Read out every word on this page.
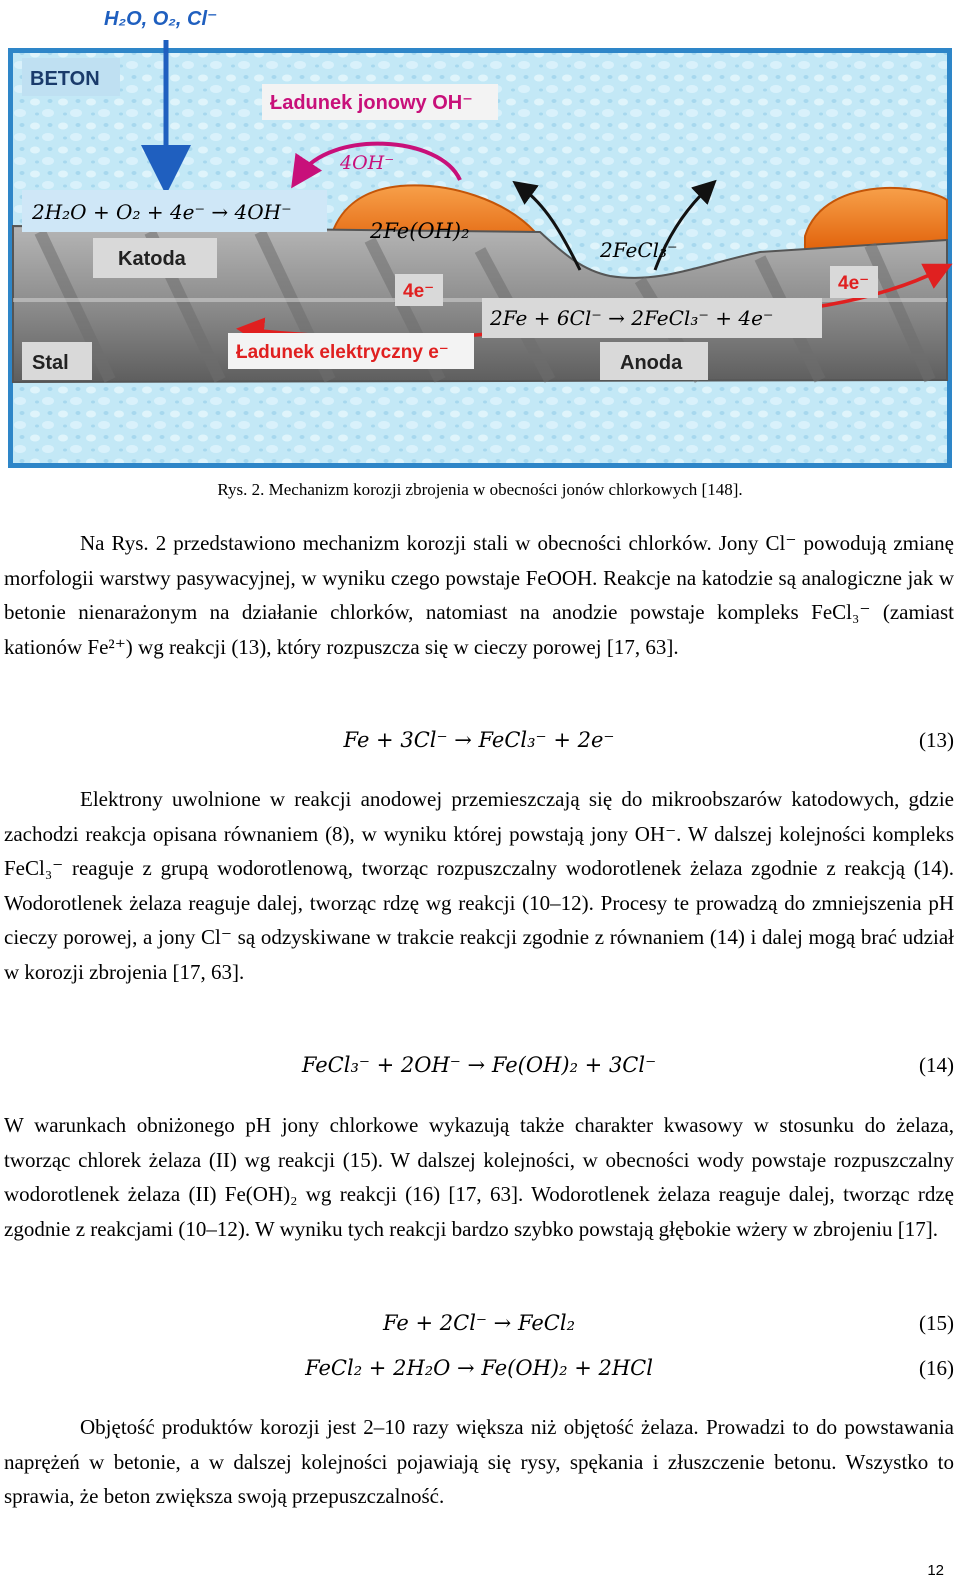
H₂O, O₂, Cl⁻
BETON
Ładunek jonowy OH⁻
4OH⁻
2H₂O + O₂ + 4e⁻ → 4OH⁻
2Fe(OH)₂
2FeCl₃⁻
Katoda
4e⁻	4e⁻
2Fe + 6Cl⁻ → 2FeCl₃⁻ + 4e⁻
Ładunek elektryczny e⁻
Stal	Anoda
Rys. 2. Mechanizm korozji zbrojenia w obecności jonów chlorkowych [148].

Na Rys. 2 przedstawiono mechanizm korozji stali w obecności chlorków. Jony Cl⁻ powodują zmianę morfologii warstwy pasywacyjnej, w wyniku czego powstaje FeOOH. Reakcje na katodzie są analogiczne jak w betonie nienarażonym na działanie chlorków, natomiast na anodzie powstaje kompleks FeCl₃⁻ (zamiast kationów Fe²⁺) wg reakcji (13), który rozpuszcza się w cieczy porowej [17, 63].

Fe + 3Cl⁻ → FeCl₃⁻ + 2e⁻	(13)

Elektrony uwolnione w reakcji anodowej przemieszczają się do mikroobszarów katodowych, gdzie zachodzi reakcja opisana równaniem (8), w wyniku której powstają jony OH⁻. W dalszej kolejności kompleks FeCl₃⁻ reaguje z grupą wodorotlenową, tworząc rozpuszczalny wodorotlenek żelaza zgodnie z reakcją (14). Wodorotlenek żelaza reaguje dalej, tworząc rdzę wg reakcji (10–12). Procesy te prowadzą do zmniejszenia pH cieczy porowej, a jony Cl⁻ są odzyskiwane w trakcie reakcji zgodnie z równaniem (14) i dalej mogą brać udział w korozji zbrojenia [17, 63].

FeCl₃⁻ + 2OH⁻ → Fe(OH)₂ + 3Cl⁻	(14)

W warunkach obniżonego pH jony chlorkowe wykazują także charakter kwasowy w stosunku do żelaza, tworząc chlorek żelaza (II) wg reakcji (15). W dalszej kolejności, w obecności wody powstaje rozpuszczalny wodorotlenek żelaza (II) Fe(OH)₂ wg reakcji (16) [17, 63]. Wodorotlenek żelaza reaguje dalej, tworząc rdzę zgodnie z reakcjami (10–12). W wyniku tych reakcji bardzo szybko powstają głębokie wżery w zbrojeniu [17].

Fe + 2Cl⁻ → FeCl₂	(15)
FeCl₂ + 2H₂O → Fe(OH)₂ + 2HCl	(16)

Objętość produktów korozji jest 2–10 razy większa niż objętość żelaza. Prowadzi to do powstawania naprężeń w betonie, a w dalszej kolejności pojawiają się rysy, spękania i złuszczenie betonu. Wszystko to sprawia, że beton zwiększa swoją przepuszczalność.

12
